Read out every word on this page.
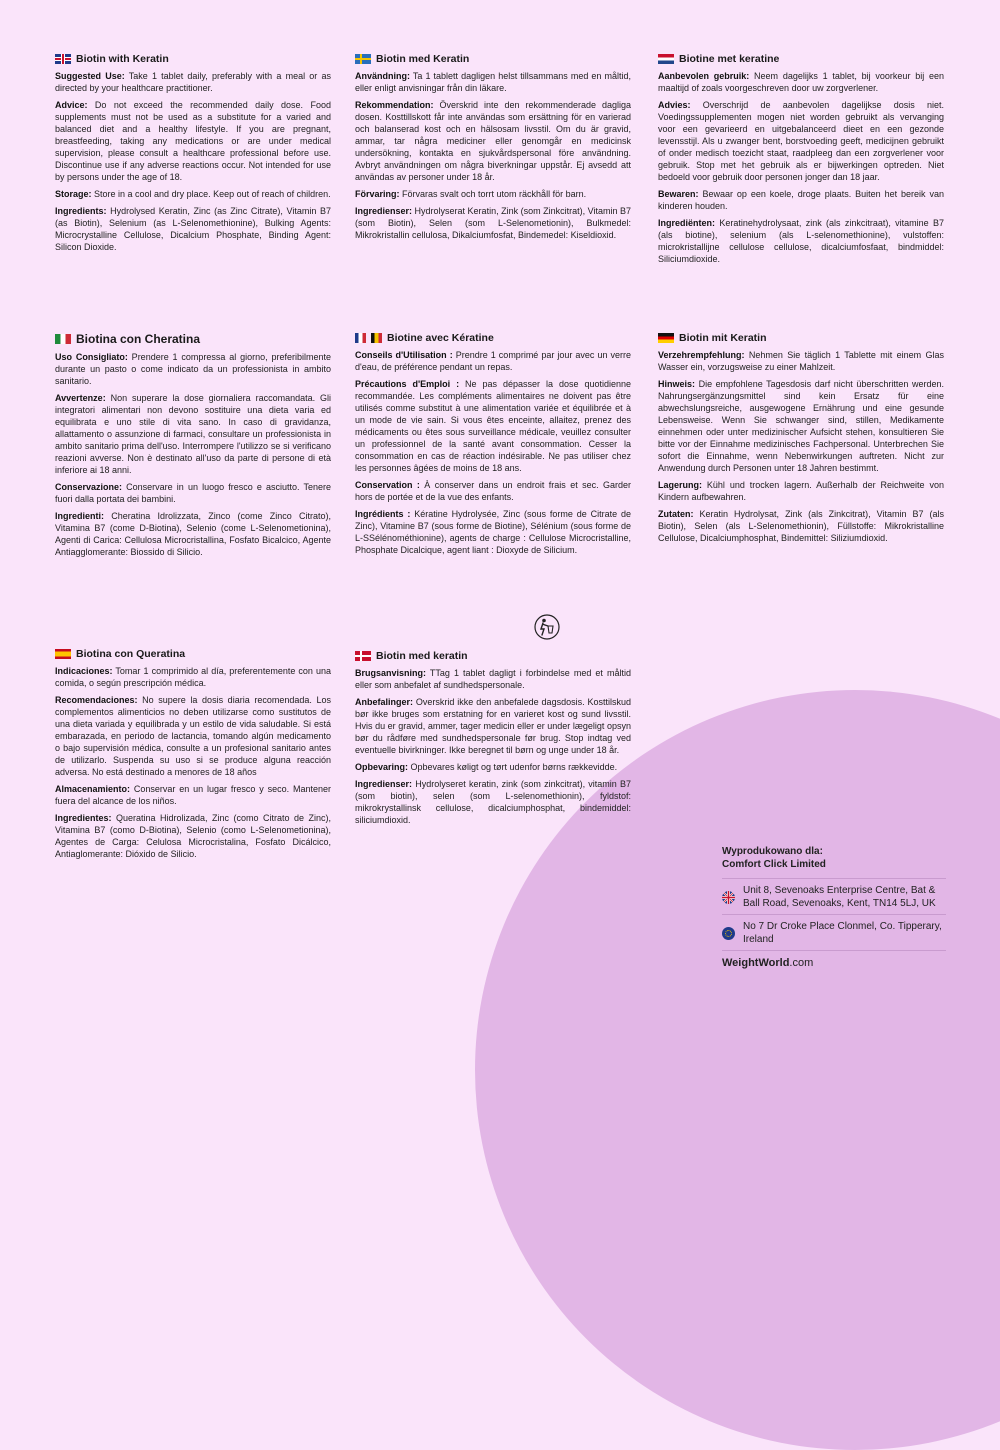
Biotin with Keratin

Suggested Use: Take 1 tablet daily, preferably with a meal or as directed by your healthcare practitioner.

Advice: Do not exceed the recommended daily dose. Food supplements must not be used as a substitute for a varied and balanced diet and a healthy lifestyle. If you are pregnant, breastfeeding, taking any medications or are under medical supervision, please consult a healthcare professional before use. Discontinue use if any adverse reactions occur. Not intended for use by persons under the age of 18.

Storage: Store in a cool and dry place. Keep out of reach of children.

Ingredients: Hydrolysed Keratin, Zinc (as Zinc Citrate), Vitamin B7 (as Biotin), Selenium (as L-Selenomethionine), Bulking Agents: Microcrystalline Cellulose, Dicalcium Phosphate, Binding Agent: Silicon Dioxide.

Biotina con Cheratina

Uso Consigliato: Prendere 1 compressa al giorno, preferibilmente durante un pasto o come indicato da un professionista in ambito sanitario.

Avvertenze: Non superare la dose giornaliera raccomandata. Gli integratori alimentari non devono sostituire una dieta varia ed equilibrata e uno stile di vita sano. In caso di gravidanza, allattamento o assunzione di farmaci, consultare un professionista in ambito sanitario prima dell'uso. Interrompere l'utilizzo se si verificano reazioni avverse. Non è destinato all'uso da parte di persone di età inferiore ai 18 anni.

Conservazione: Conservare in un luogo fresco e asciutto. Tenere fuori dalla portata dei bambini.

Ingredienti: Cheratina Idrolizzata, Zinco (come Zinco Citrato), Vitamina B7 (come D-Biotina), Selenio (come L-Selenometionina), Agenti di Carica: Cellulosa Microcristallina, Fosfato Bicalcico, Agente Antiagglomerante: Biossido di Silicio.

Biotina con Queratina

Indicaciones: Tomar 1 comprimido al día, preferentemente con una comida, o según prescripción médica.

Recomendaciones: No supere la dosis diaria recomendada. Los complementos alimenticios no deben utilizarse como sustitutos de una dieta variada y equilibrada y un estilo de vida saludable. Si está embarazada, en periodo de lactancia, tomando algún medicamento o bajo supervisión médica, consulte a un profesional sanitario antes de utilizarlo. Suspenda su uso si se produce alguna reacción adversa. No está destinado a menores de 18 años

Almacenamiento: Conservar en un lugar fresco y seco. Mantener fuera del alcance de los niños.

Ingredientes: Queratina Hidrolizada, Zinc (como Citrato de Zinc), Vitamina B7 (como D-Biotina), Selenio (como L-Selenometionina), Agentes de Carga: Celulosa Microcristalina, Fosfato Dicálcico, Antiaglomerante: Dióxido de Silicio.

Biotin med Keratin

Användning: Ta 1 tablett dagligen helst tillsammans med en måltid, eller enligt anvisningar från din läkare.

Rekommendation: Överskrid inte den rekommenderade dagliga dosen. Kosttillskott får inte användas som ersättning för en varierad och balanserad kost och en hälsosam livsstil. Om du är gravid, ammar, tar några mediciner eller genomgår en medicinsk undersökning, kontakta en sjukvårdspersonal före användning. Avbryt användningen om några biverkningar uppstår. Ej avsedd att användas av personer under 18 år.

Förvaring: Förvaras svalt och torrt utom räckhåll för barn.

Ingredienser: Hydrolyserat Keratin, Zink (som Zinkcitrat), Vitamin B7 (som Biotin), Selen (som L-Selenometionin), Bulkmedel: Mikrokristallin cellulosa, Dikalciumfosfat, Bindemedel: Kiseldioxid.

Biotine avec Kératine

Conseils d'Utilisation : Prendre 1 comprimé par jour avec un verre d'eau, de préférence pendant un repas.

Précautions d'Emploi : Ne pas dépasser la dose quotidienne recommandée. Les compléments alimentaires ne doivent pas être utilisés comme substitut à une alimentation variée et équilibrée et à un mode de vie sain. Si vous êtes enceinte, allaitez, prenez des médicaments ou êtes sous surveillance médicale, veuillez consulter un professionnel de la santé avant consommation. Cesser la consommation en cas de réaction indésirable. Ne pas utiliser chez les personnes âgées de moins de 18 ans.

Conservation : À conserver dans un endroit frais et sec. Garder hors de portée et de la vue des enfants.

Ingrédients : Kératine Hydrolysée, Zinc (sous forme de Citrate de Zinc), Vitamine B7 (sous forme de Biotine), Sélénium (sous forme de L-SSélénométhionine), agents de charge : Cellulose Microcristalline, Phosphate Dicalcique, agent liant : Dioxyde de Silicium.

Biotin med keratin

Brugsanvisning: TTag 1 tablet dagligt i forbindelse med et måltid eller som anbefalet af sundhedspersonale.

Anbefalinger: Overskrid ikke den anbefalede dagsdosis. Kosttilskud bør ikke bruges som erstatning for en varieret kost og sund livsstil. Hvis du er gravid, ammer, tager medicin eller er under lægeligt opsyn bør du rådføre med sundhedspersonale før brug. Stop indtag ved eventuelle bivirkninger. Ikke beregnet til børn og unge under 18 år.

Opbevaring: Opbevares køligt og tørt udenfor børns rækkevidde.

Ingredienser: Hydrolyseret keratin, zink (som zinkcitrat), vitamin B7 (som biotin), selen (som L-selenomethionin), fyldstof: mikrokrystallinsk cellulose, dicalciumphosphat, bindemiddel: siliciumdioxid.

Biotine met keratine

Aanbevolen gebruik: Neem dagelijks 1 tablet, bij voorkeur bij een maaltijd of zoals voorgeschreven door uw zorgverlener.

Advies: Overschrijd de aanbevolen dagelijkse dosis niet. Voedingssupplementen mogen niet worden gebruikt als vervanging voor een gevarieerd en uitgebalanceerd dieet en een gezonde levensstijl. Als u zwanger bent, borstvoeding geeft, medicijnen gebruikt of onder medisch toezicht staat, raadpleeg dan een zorgverlener voor gebruik. Stop met het gebruik als er bijwerkingen optreden. Niet bedoeld voor gebruik door personen jonger dan 18 jaar.

Bewaren: Bewaar op een koele, droge plaats. Buiten het bereik van kinderen houden.

Ingrediënten: Keratinehydrolysaat, zink (als zinkcitraat), vitamine B7 (als biotine), selenium (als L-selenomethionine), vulstoffen: microkristallijne cellulose cellulose, dicalciumfosfaat, bindmiddel: Siliciumdioxide.

Biotin mit Keratin

Verzehrempfehlung: Nehmen Sie täglich 1 Tablette mit einem Glas Wasser ein, vorzugsweise zu einer Mahlzeit.

Hinweis: Die empfohlene Tagesdosis darf nicht überschritten werden. Nahrungsergänzungsmittel sind kein Ersatz für eine abwechslungsreiche, ausgewogene Ernährung und eine gesunde Lebensweise. Wenn Sie schwanger sind, stillen, Medikamente einnehmen oder unter medizinischer Aufsicht stehen, konsultieren Sie bitte vor der Einnahme medizinisches Fachpersonal. Unterbrechen Sie sofort die Einnahme, wenn Nebenwirkungen auftreten. Nicht zur Anwendung durch Personen unter 18 Jahren bestimmt.

Lagerung: Kühl und trocken lagern. Außerhalb der Reichweite von Kindern aufbewahren.

Zutaten: Keratin Hydrolysat, Zink (als Zinkcitrat), Vitamin B7 (als Biotin), Selen (als L-Selenomethionin), Füllstoffe: Mikrokristalline Cellulose, Dicalciumphosphat, Bindemittel: Siliziumdioxid.

Wyprodukowano dla:

Comfort Click Limited

Unit 8, Sevenoaks Enterprise Centre, Bat & Ball Road, Sevenoaks, Kent, TN14 5LJ, UK
No 7 Dr Croke Place Clonmel, Co. Tipperary, Ireland
WeightWorld.com
